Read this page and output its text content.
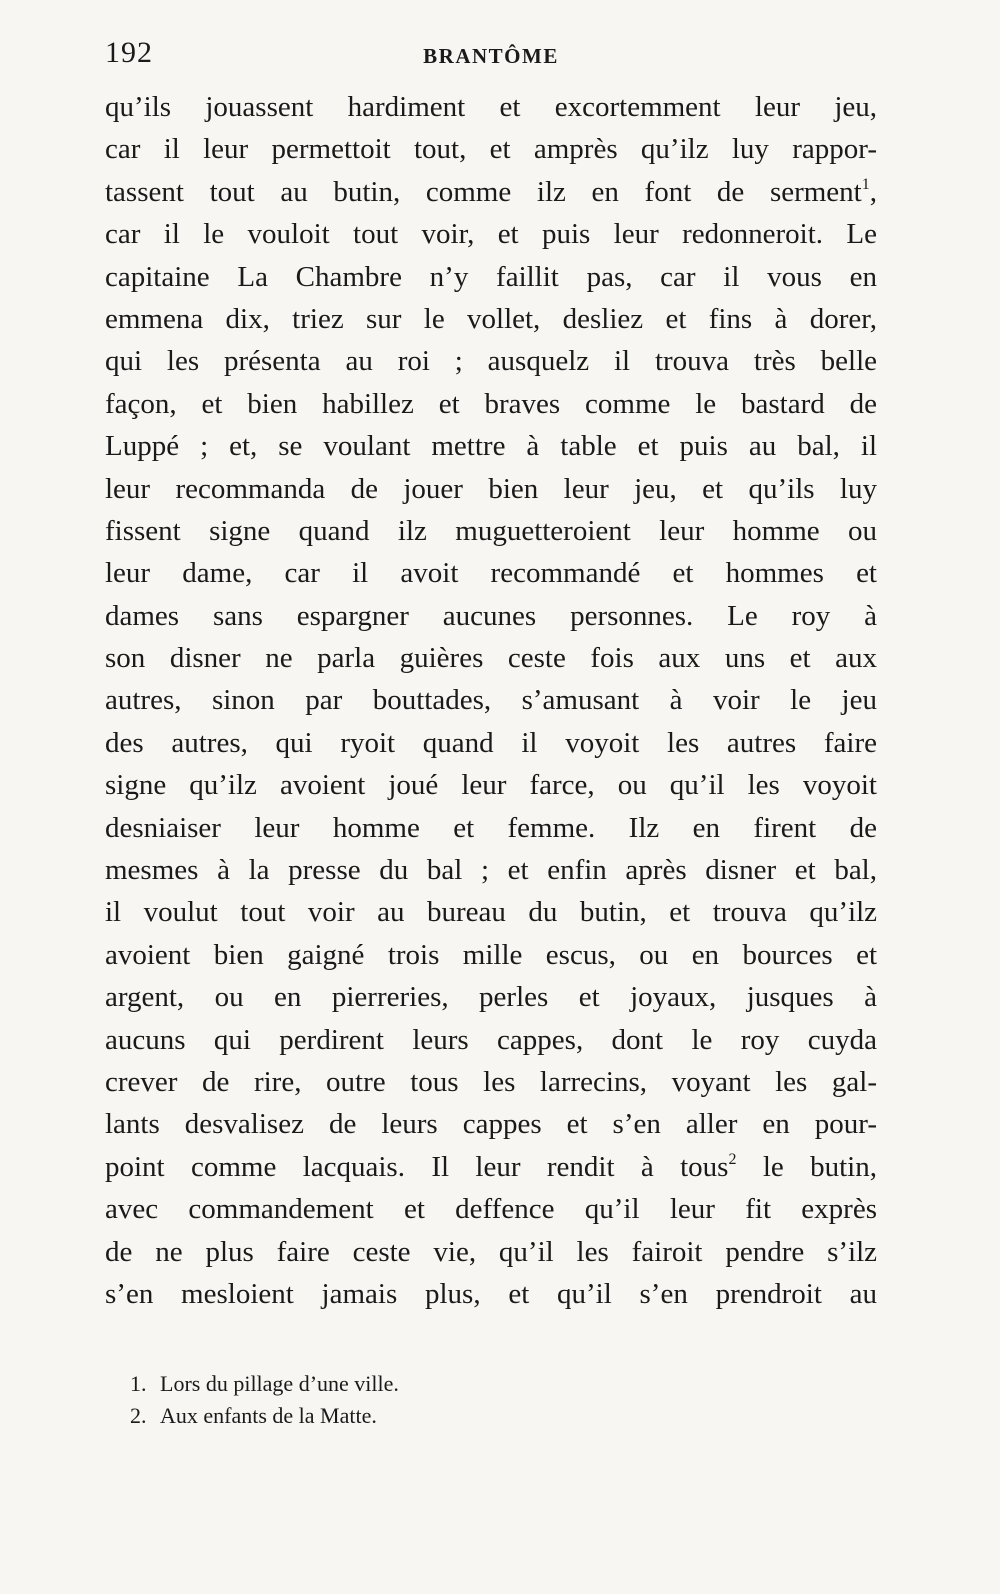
192	BRANTÔME
qu’ils jouassent hardiment et excortemment leur jeu,
car il leur permettoit tout, et amprès qu’ilz luy rappor-
tassent tout au butin, comme ilz en font de serment$^1$,
car il le vouloit tout voir, et puis leur redonneroit. Le
capitaine La Chambre n’y faillit pas, car il vous en
emmena dix, triez sur le vollet, desliez et fins à dorer,
qui les présenta au roi ; ausquelz il trouva très belle
façon, et bien habillez et braves comme le bastard de
Luppé ; et, se voulant mettre à table et puis au bal, il
leur recommanda de jouer bien leur jeu, et qu’ils luy
fissent signe quand ilz muguetteroient leur homme ou
leur dame, car il avoit recommandé et hommes et
dames sans espargner aucunes personnes. Le roy à
son disner ne parla guières ceste fois aux uns et aux
autres, sinon par bouttades, s’amusant à voir le jeu
des autres, qui ryoit quand il voyoit les autres faire
signe qu’ilz avoient joué leur farce, ou qu’il les voyoit
desniaiser leur homme et femme. Ilz en firent de
mesmes à la presse du bal ; et enfin après disner et bal,
il voulut tout voir au bureau du butin, et trouva qu’ilz
avoient bien gaigné trois mille escus, ou en bources et
argent, ou en pierreries, perles et joyaux, jusques à
aucuns qui perdirent leurs cappes, dont le roy cuyda
crever de rire, outre tous les larrecins, voyant les gal-
lants desvalisez de leurs cappes et s’en aller en pour-
point comme lacquais. Il leur rendit à tous$^2$ le butin,
avec commandement et deffence qu’il leur fit exprès
de ne plus faire ceste vie, qu’il les fairoit pendre s’ilz
s’en mesloient jamais plus, et qu’il s’en prendroit au
1. Lors du pillage d’une ville.
2. Aux enfants de la Matte.
